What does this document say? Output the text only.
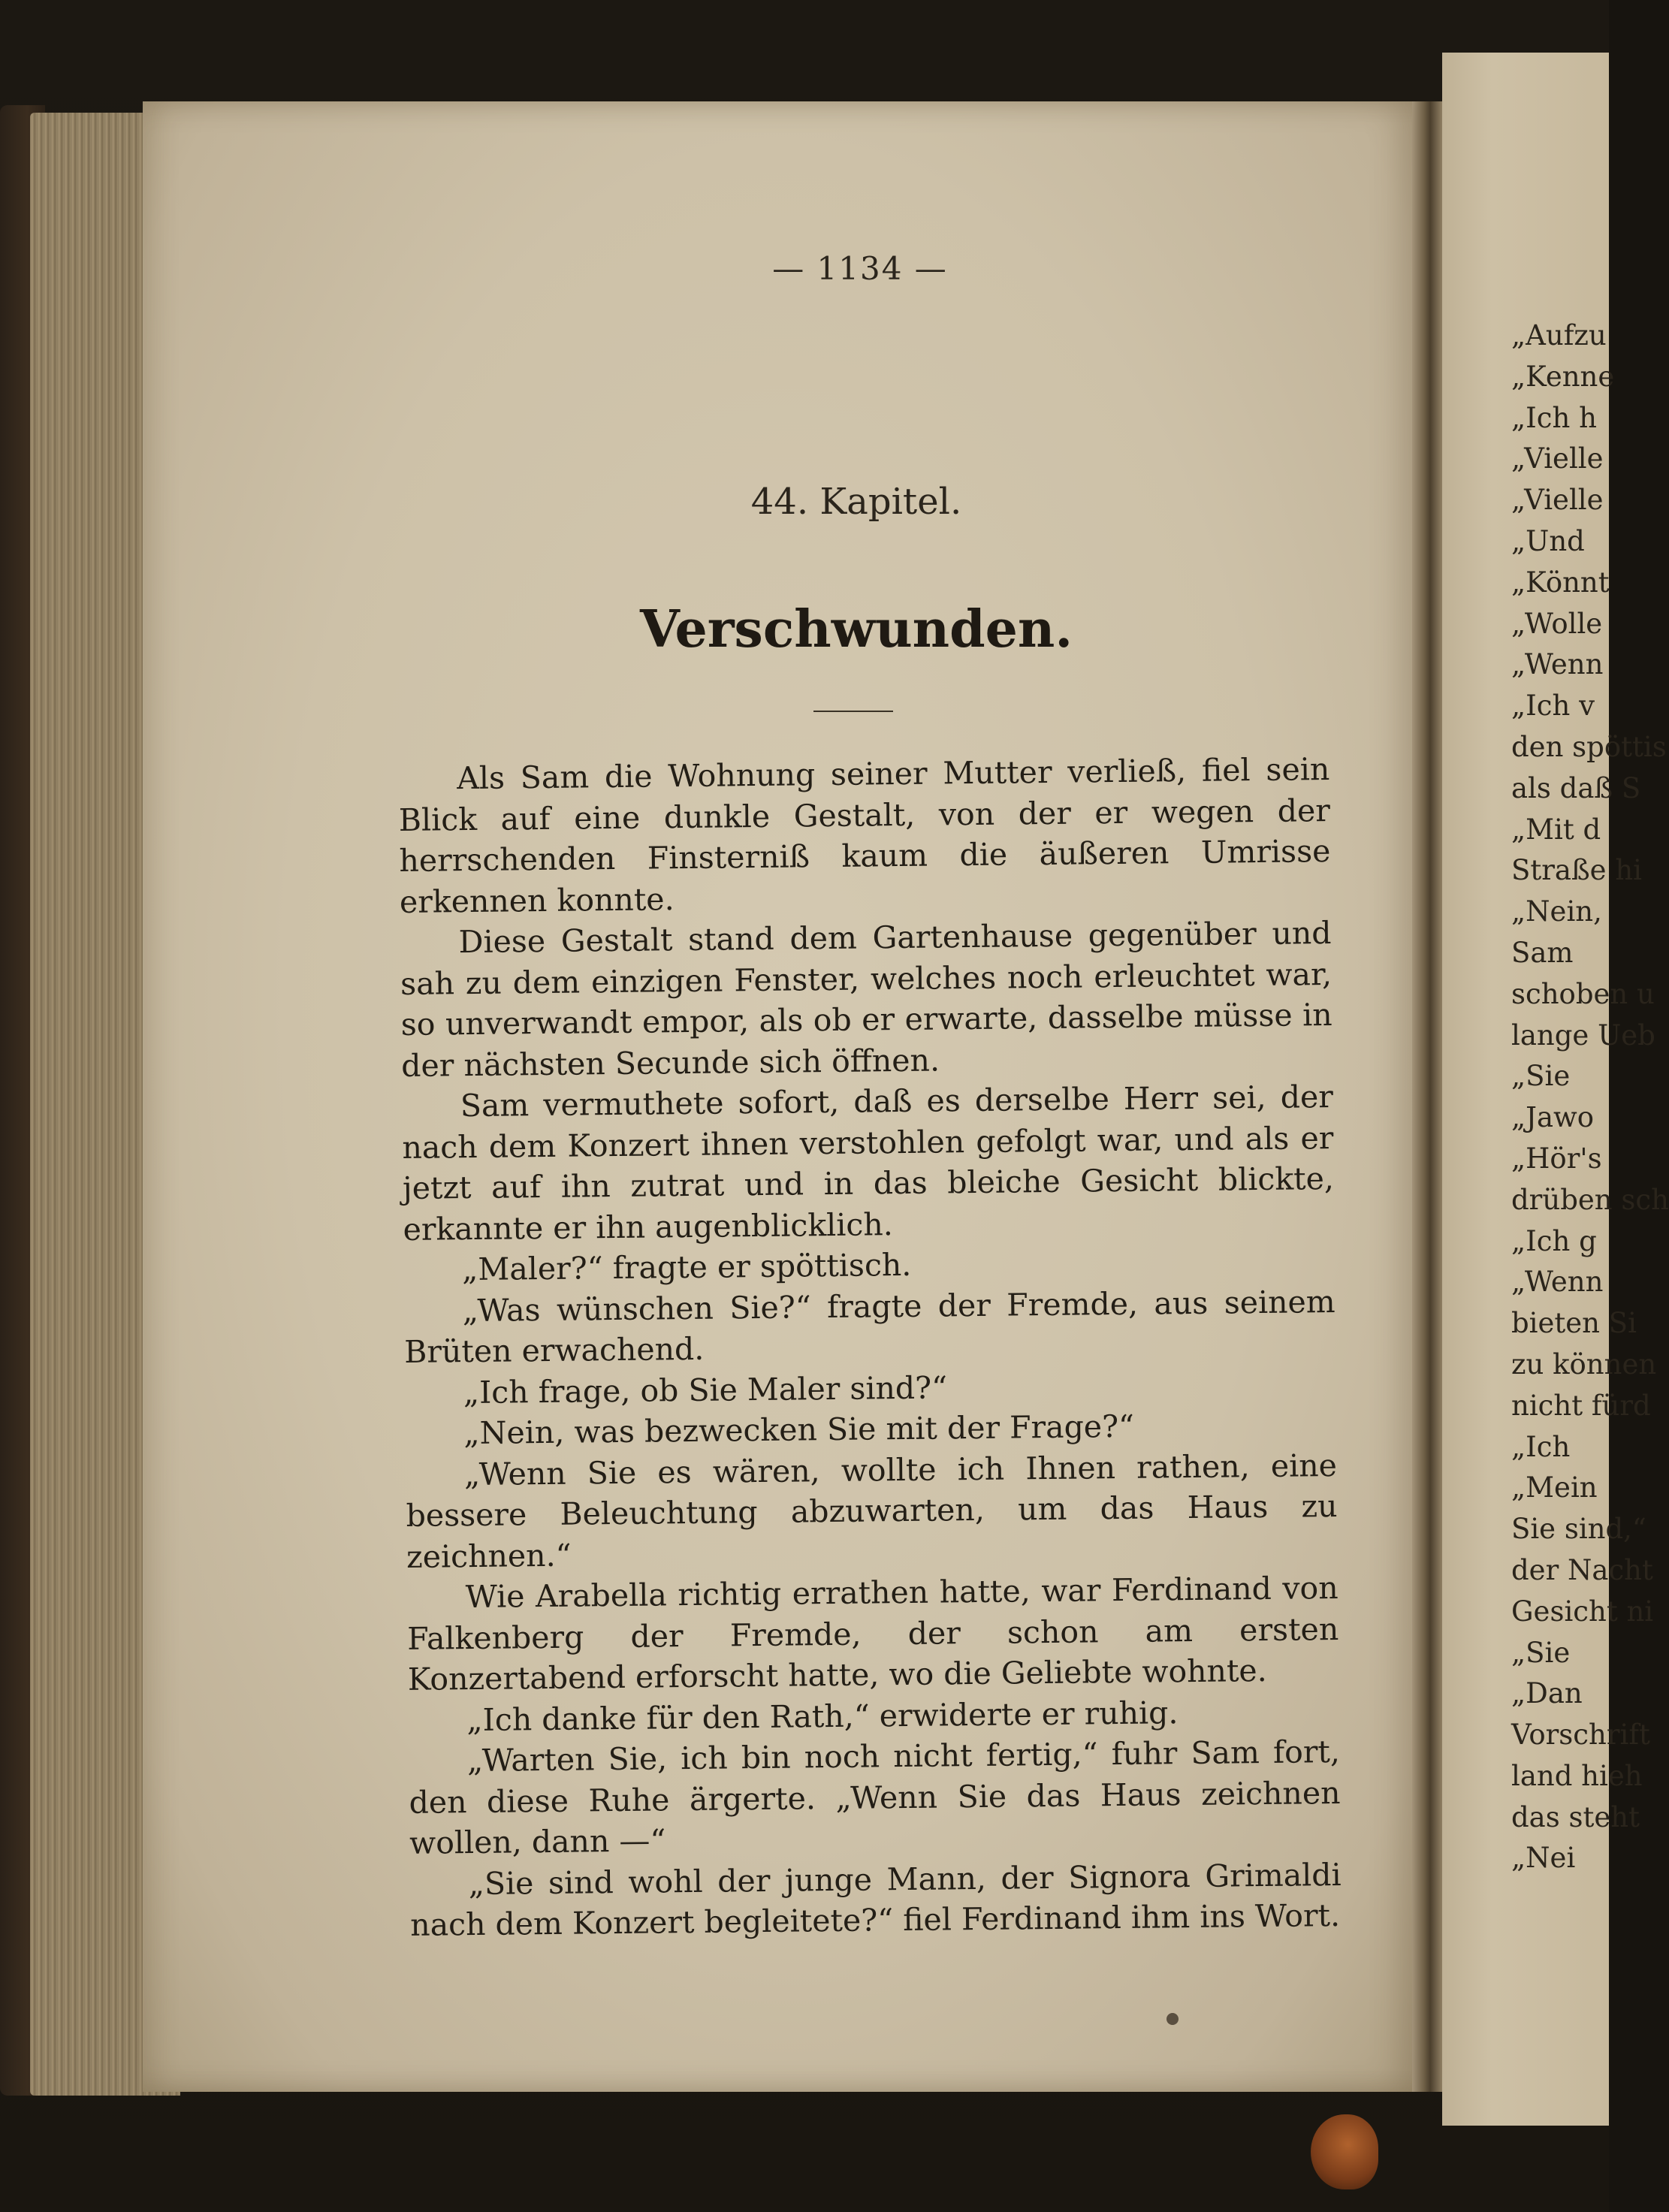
„Aufzu
„Kenne
„Ich h
„Vielle
„Vielle
„Und
„Könnt
„Wolle
„Wenn
„Ich v
den spöttis
als daß S
„Mit d
Straße hi
„Nein,
Sam
schoben u
lange Ueb
„Sie
„Jawo
„Hör's
drüben sch
„Ich g
„Wenn
bieten Si
zu können
nicht fürd
„Ich
„Mein
Sie sind,“
der Nacht
Gesicht ni
„Sie
„Dan
Vorschrift
land hieh
das steht
„Nei
— 1134 —
44. Kapitel.
Verschwunden.

Als Sam die Wohnung seiner Mutter verließ, fiel sein Blick auf eine dunkle Gestalt, von der er wegen der herrschenden Finsterniß kaum die äußeren Umrisse erkennen konnte.

Diese Gestalt stand dem Gartenhause gegenüber und sah zu dem einzigen Fenster, welches noch erleuchtet war, so unverwandt empor, als ob er erwarte, dasselbe müsse in der nächsten Secunde sich öffnen.

Sam vermuthete sofort, daß es derselbe Herr sei, der nach dem Konzert ihnen verstohlen gefolgt war, und als er jetzt auf ihn zutrat und in das bleiche Gesicht blickte, erkannte er ihn augenblicklich.

„Maler?“ fragte er spöttisch.

„Was wünschen Sie?“ fragte der Fremde, aus seinem Brüten erwachend.

„Ich frage, ob Sie Maler sind?“

„Nein, was bezwecken Sie mit der Frage?“

„Wenn Sie es wären, wollte ich Ihnen rathen, eine bessere Beleuchtung abzuwarten, um das Haus zu zeichnen.“

Wie Arabella richtig errathen hatte, war Ferdinand von Falkenberg der Fremde, der schon am ersten Konzertabend erforscht hatte, wo die Geliebte wohnte.

„Ich danke für den Rath,“ erwiderte er ruhig.

„Warten Sie, ich bin noch nicht fertig,“ fuhr Sam fort, den diese Ruhe ärgerte. „Wenn Sie das Haus zeichnen wollen, dann —“

„Sie sind wohl der junge Mann, der Signora Grimaldi nach dem Konzert begleitete?“ fiel Ferdinand ihm ins Wort.
